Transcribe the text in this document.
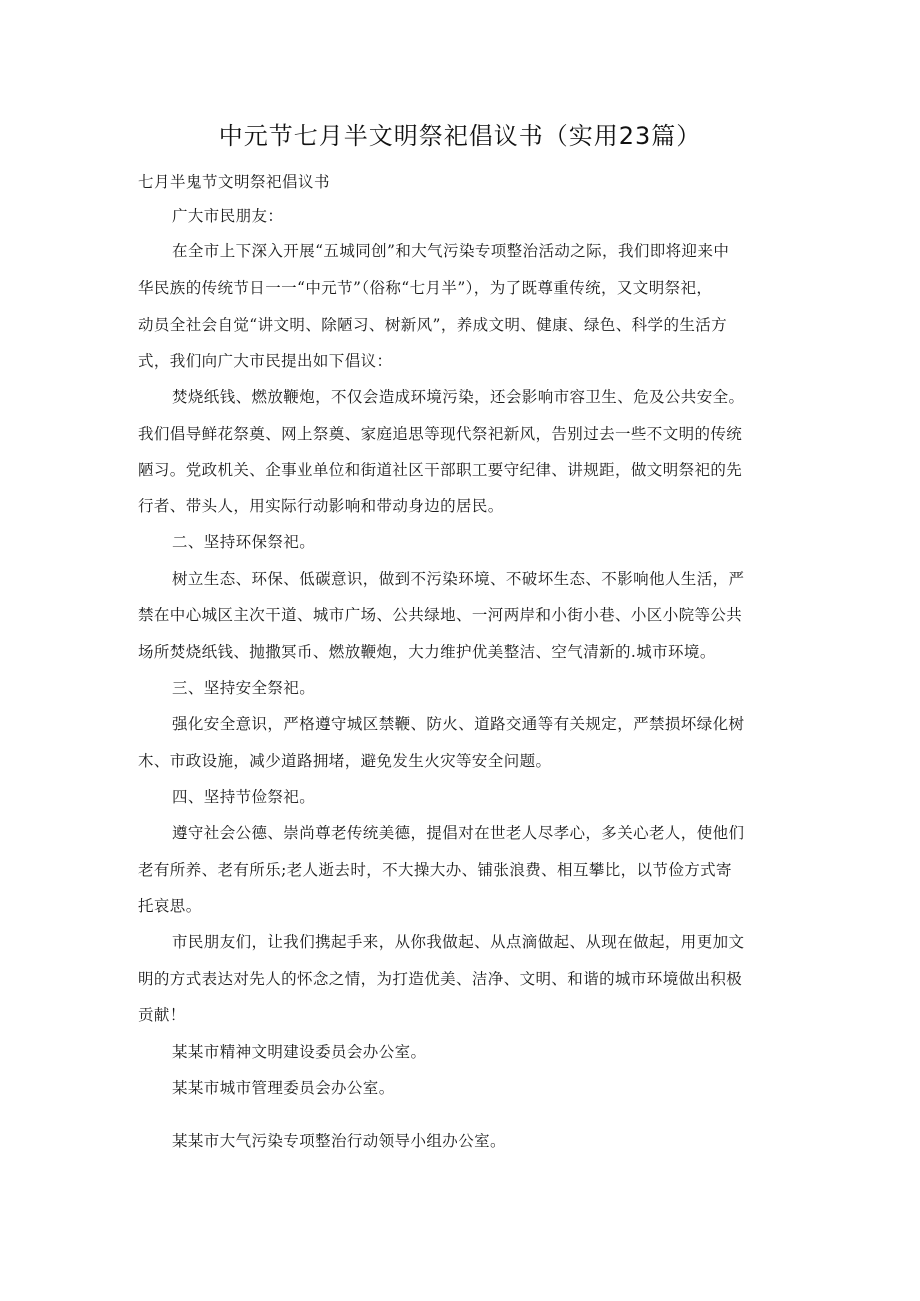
中元节七月半文明祭祀倡议书（实用23篇）
七月半鬼节文明祭祀倡议书
广大市民朋友：
在全市上下深入开展“五城同创”和大气污染专项整治活动之际，我们即将迎来中
华民族的传统节日一一“中元节”（俗称“七月半”），为了既尊重传统，又文明祭祀，
动员全社会自觉“讲文明、除陋习、树新风”，养成文明、健康、绿色、科学的生活方
式，我们向广大市民提出如下倡议：
焚烧纸钱、燃放鞭炮，不仅会造成环境污染，还会影响市容卫生、危及公共安全。
我们倡导鲜花祭奠、网上祭奠、家庭追思等现代祭祀新风，告别过去一些不文明的传统
陋习。党政机关、企事业单位和街道社区干部职工要守纪律、讲规距，做文明祭祀的先
行者、带头人，用实际行动影响和带动身边的居民。
二、坚持环保祭祀。
树立生态、环保、低碳意识，做到不污染环境、不破坏生态、不影响他人生活，严
禁在中心城区主次干道、城市广场、公共绿地、一河两岸和小街小巷、小区小院等公共
场所焚烧纸钱、抛撒冥币、燃放鞭炮，大力维护优美整洁、空气清新的.城市环境。
三、坚持安全祭祀。
强化安全意识，严格遵守城区禁鞭、防火、道路交通等有关规定，严禁损坏绿化树
木、市政设施，减少道路拥堵，避免发生火灾等安全问题。
四、坚持节俭祭祀。
遵守社会公德、崇尚尊老传统美德，提倡对在世老人尽孝心，多关心老人，使他们
老有所养、老有所乐;老人逝去时，不大操大办、铺张浪费、相互攀比，以节俭方式寄
托哀思。
市民朋友们，让我们携起手来，从你我做起、从点滴做起、从现在做起，用更加文
明的方式表达对先人的怀念之情，为打造优美、洁净、文明、和谐的城市环境做出积极
贡献！
某某市精神文明建设委员会办公室。
某某市城市管理委员会办公室。
某某市大气污染专项整治行动领导小组办公室。
